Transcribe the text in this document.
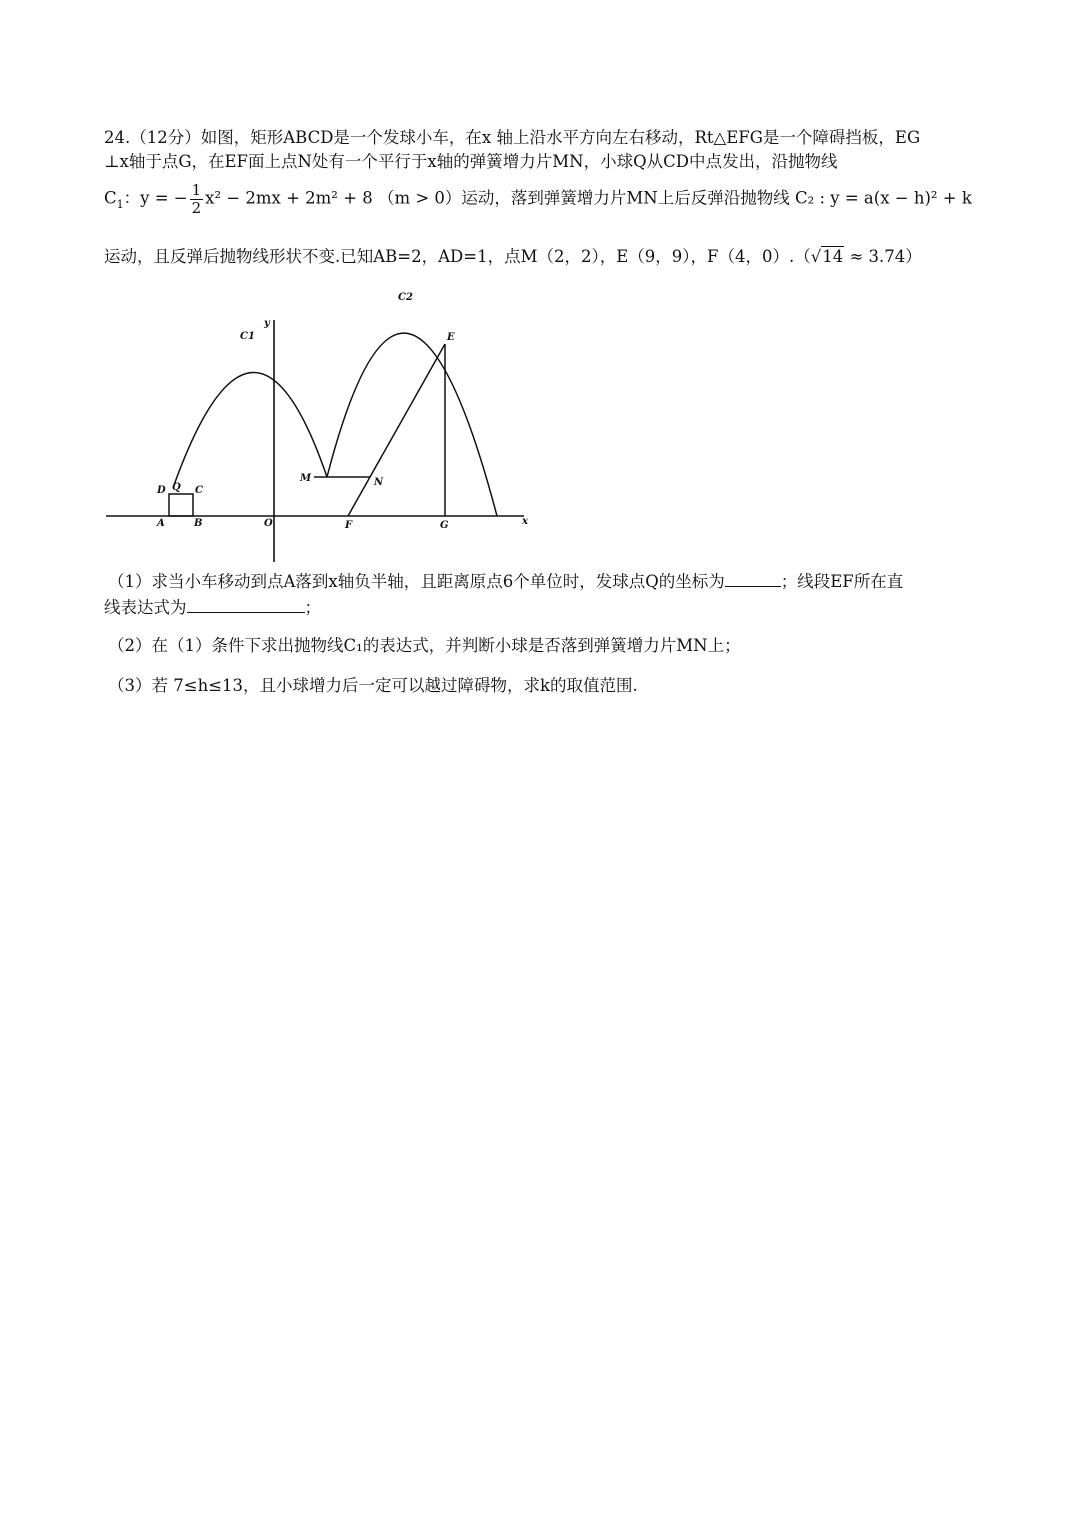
24.（12分）如图，矩形ABCD是一个发球小车，在x 轴上沿水平方向左右移动，Rt△EFG是一个障碍挡板，EG
⊥x轴于点G，在EF面上点N处有一个平行于x轴的弹簧增力片MN，小球Q从CD中点发出，沿抛物线
$C_1$：y = − $\frac{1}{2} x^2 - 2mx + 2m^2 + 8$ （m > 0）运动，落到弹簧增力片MN上后反弹沿抛物线 C₂ : y = a(x − h)² + k
运动，且反弹后抛物线形状不变.已知AB=2，AD=1，点M（2，2），E（9，9），F（4，0）.（√14 ≈ 3.74）
C1
C2
y
x
E
M	N
D Q C
A	B	O	F	G
（1）求当小车移动到点A落到x轴负半轴，且距离原点6个单位时，发球点Q的坐标为	；线段EF所在直
线表达式为	；
（2）在（1）条件下求出抛物线C₁的表达式，并判断小球是否落到弹簧增力片MN上；
（3）若 7≤h≤13，且小球增力后一定可以越过障碍物，求k的取值范围.
